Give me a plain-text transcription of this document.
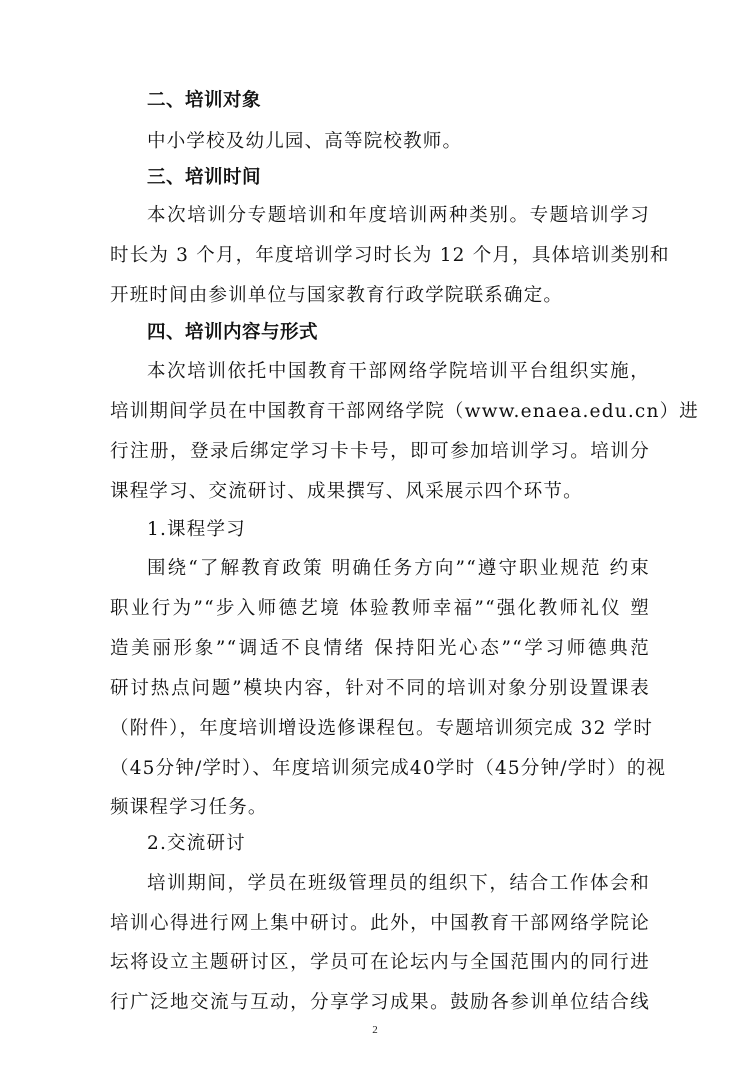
二、培训对象
中小学校及幼儿园、高等院校教师。
三、培训时间
本次培训分专题培训和年度培训两种类别。专题培训学习
时长为 3 个月，年度培训学习时长为 12 个月，具体培训类别和
开班时间由参训单位与国家教育行政学院联系确定。
四、培训内容与形式
本次培训依托中国教育干部网络学院培训平台组织实施，
培训期间学员在中国教育干部网络学院（www.enaea.edu.cn）进
行注册，登录后绑定学习卡卡号，即可参加培训学习。培训分
课程学习、交流研讨、成果撰写、风采展示四个环节。
1.课程学习
围绕“了解教育政策 明确任务方向”“遵守职业规范 约束
职业行为”“步入师德艺境 体验教师幸福”“强化教师礼仪 塑
造美丽形象”“调适不良情绪 保持阳光心态”“学习师德典范
研讨热点问题”模块内容，针对不同的培训对象分别设置课表
（附件），年度培训增设选修课程包。专题培训须完成 32 学时
（45分钟/学时）、年度培训须完成40学时（45分钟/学时）的视
频课程学习任务。
2.交流研讨
培训期间，学员在班级管理员的组织下，结合工作体会和
培训心得进行网上集中研讨。此外，中国教育干部网络学院论
坛将设立主题研讨区，学员可在论坛内与全国范围内的同行进
行广泛地交流与互动，分享学习成果。鼓励各参训单位结合线
2
